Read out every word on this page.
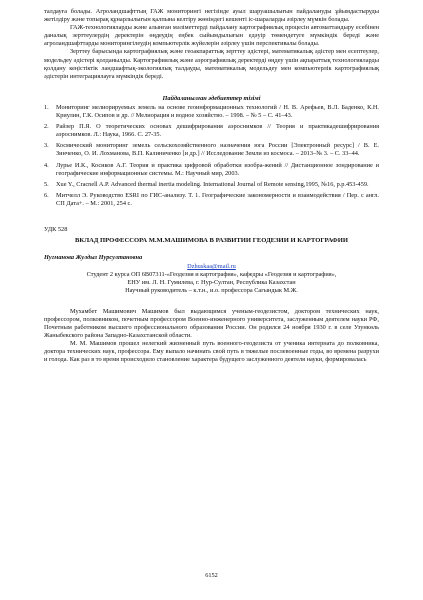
талдауға болады. Агроландшафттың ГАЖ мониторингі негізінде ауыл шаруашылығын пайдалануды ұйымдастыруды жетілдіру және топырақ құнарлылығын қалпына келтіру жөніндегі кешенті іс-шараларды әзірлеу мүмкін болады.

ГАЖ-технологияларды және алынған мәліметтерді пайдалану картографиялық процесін автоматтандыру есебінен даналық зерттеулердің деректерін өңдеудің еңбек сыйымдылығын едәуір төмендетуге мүмкіндік береді және агроландшафттарды мониторингілеудің компьютерлік жүйелерін әзірлеу үшін перспективалы болады.

Зерттеу барысында картографиялық және геоакпараттық зерттеу әдістері, математикалық әдістер мен есептеулер, модельдеу әдістері қолданылды. Картографиялық және аэрографиялық деректерді өңдеу үшін ақпараттық технологияларды қолдану кеңістіктік ландшафтық-экологиялық талдауды, математикалық модельдеу мен компьютерлік картографиялық әдістерін интеграциялауға мүмкіндік береді.

Пайдаланылған әдебиеттер тізімі
1.	Мониторинг мелиорируемых земель на основе геоинформационных технологий / Н. В. Арефьев, В.Л. Баденко, К.Н. Криулин, Г.К. Осипов и др. // Мелиорация и водное хозяйство. – 1998. – № 5 – С. 41–43.
2.	Райзер П.Я. О теоретических основах дешифрирования аэроснимков // Теория и практикадешифрирования аэроснимков. Л.: Наука, 1966. С. 27-35.
3.	Космический мониторинг земель сельскохозяйственного назначения юга России [Электронный ресурс] / В. Е. Зинченко, О. И. Лохманова, В.П. Калиниченко [и др.] // Исследование Земли из космоса. – 2013–№ 3. – С. 33–44.
4.	Лурье И.К., Косиков А.Г. Теория и практика цифровой обработки изобра-жений // Дистанционное зондирование и географические информационные системы. М.: Научный мир, 2003.
5.	Xue Y., Cracnell A.P. Advanced thermal inertia modeling. International Journal of Remote sensing,1995, №16, p.p.453-459.
6.	Митчелл Э. Руководство ESRI по ГИС-анализу. Т. 1. Географические закономерности и взаимодействия / Пер. с англ. СП Дата+. – М.: 2001, 254 с.
УДК 528
ВКЛАД ПРОФЕССОРА М.М.МАШИМОВА В РАЗВИТИИ ГЕОДЕЗИИ И КАРТОГРАФИИ
Нугманова Жулдыз Нурсултановна
Dzhuskaa@mail.ru
Студент 2 курса ОП 6В07311-«Геодезия и картография», кафедры «Геодезия и картография»,
ЕНУ им. Л. Н. Гумилева, г. Нур-Султан, Республика Казахстан
Научный руководитель – к.т.н., и.о. профессора Сагындык М.Ж.

Мухамбет Машимович Машимов был выдающимся ученым-геодезистом, доктором технических наук, профессором, полковником, почетным профессором Военно-инженерного университета, заслуженным деятелем науки РФ, Почетным работником высшего профессионального образования России. Он родился 24 ноября 1930 г. в селе Узункөль Жаныбекского района Западно-Казахстанской области.

М. М. Машимов прошел нелегкий жизненный путь военного-геодезиста от ученика интерната до полковника, доктора технических наук, профессора. Ему выпало начинать свой путь в тяжелые послевоенные годы, во времена разрухи и голода. Как раз в то время происходило становление характера будущего заслуженного деятеля науки, формировалась

6152
